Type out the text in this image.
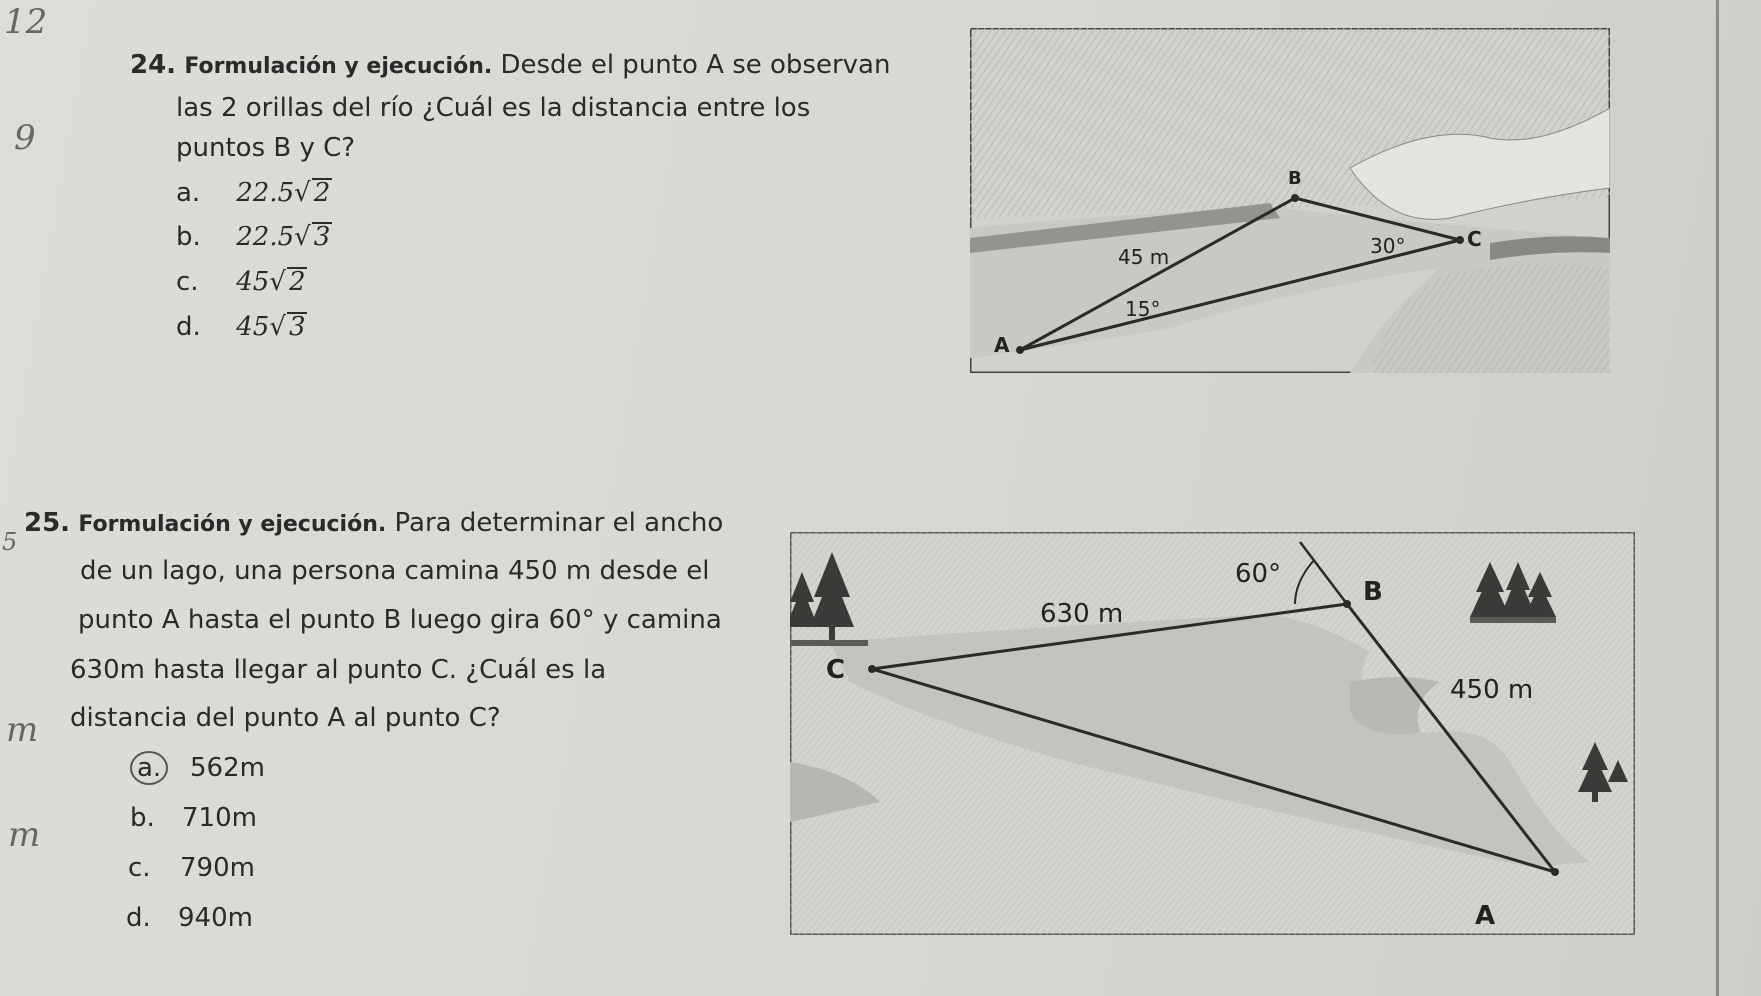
12
9
5
m
m
24. Formulación y ejecución. Desde el punto A se observan
las 2 orillas del río ¿Cuál es la distancia entre los
puntos B y C?
a. 22.5√ 2
b. 22.5√ 3
c. 45√ 2
d. 45√ 3
A
B
C
45 m
15°
30°
25. Formulación y ejecución. Para determinar el ancho
de un lago, una persona camina 450 m desde el
punto A hasta el punto B luego gira 60° y camina
630m hasta llegar al punto C. ¿Cuál es la
distancia del punto A al punto C?
a. 562m
b. 710m
c. 790m
d. 940m	A
B
C
630 m
450 m
60°
